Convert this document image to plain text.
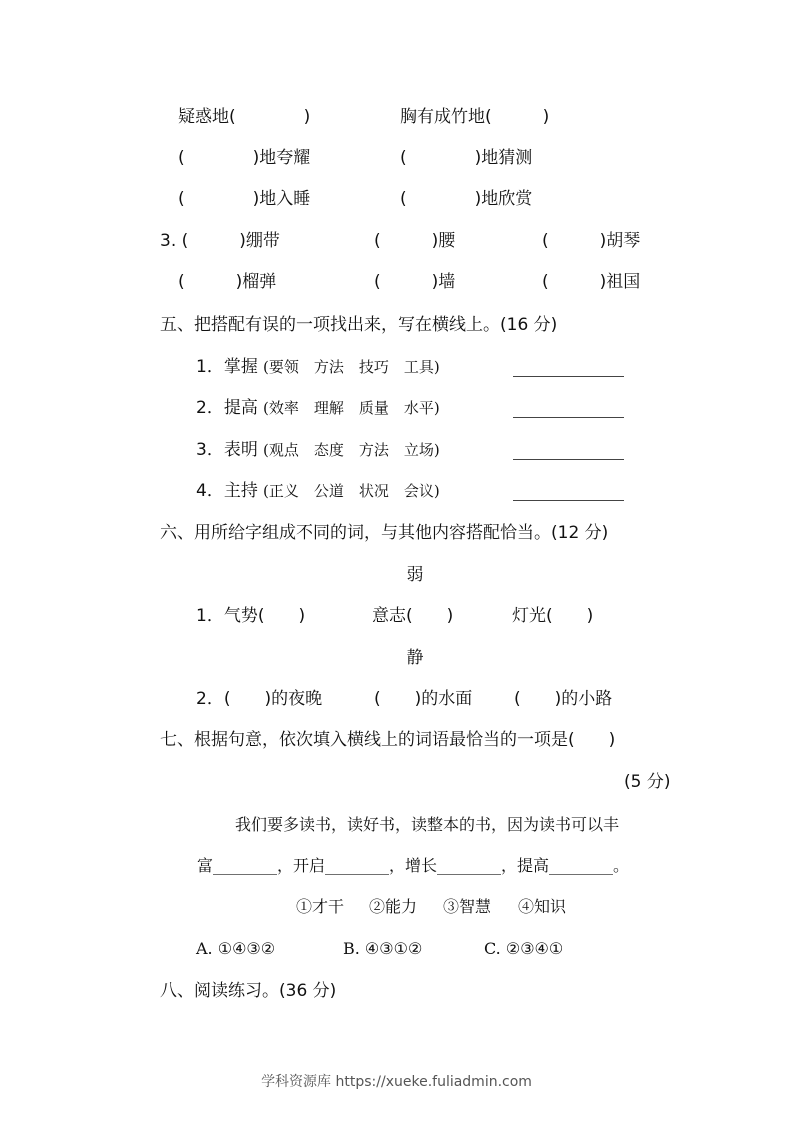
疑惑地(　　　　)	胸有成竹地(　　　)
(　　　　)地夸耀	(　　　　)地猜测
(　　　　)地入睡	(　　　　)地欣赏
3. (　　　)绷带	(　　　)腰	(　　　)胡琴
(　　　)榴弹	(　　　)墙	(　　　)祖国
五、把搭配有误的一项找出来，写在横线上。(16 分)
1．掌握 (要领　方法　技巧　工具)
2．提高 (效率　理解　质量　水平)
3．表明 (观点　态度　方法　立场)
4．主持 (正义　公道　状况　会议)
六、用所给字组成不同的词，与其他内容搭配恰当。(12 分)
弱
1．气势(　　)	意志(　　)	灯光(　　)
静
2．(　　)的夜晚	(　　)的水面 (　　)的小路
七、根据句意，依次填入横线上的词语最恰当的一项是(　　)
(5 分)
我们要多读书，读好书，读整本的书，因为读书可以丰
富________，开启________，增长________，提高________。
①才干 ②能力 ③智慧 ④知识
A. ①④③②	B. ④③①②	C. ②③④①
八、阅读练习。(36 分)
学科资源库 https://xueke.fuliadmin.com
